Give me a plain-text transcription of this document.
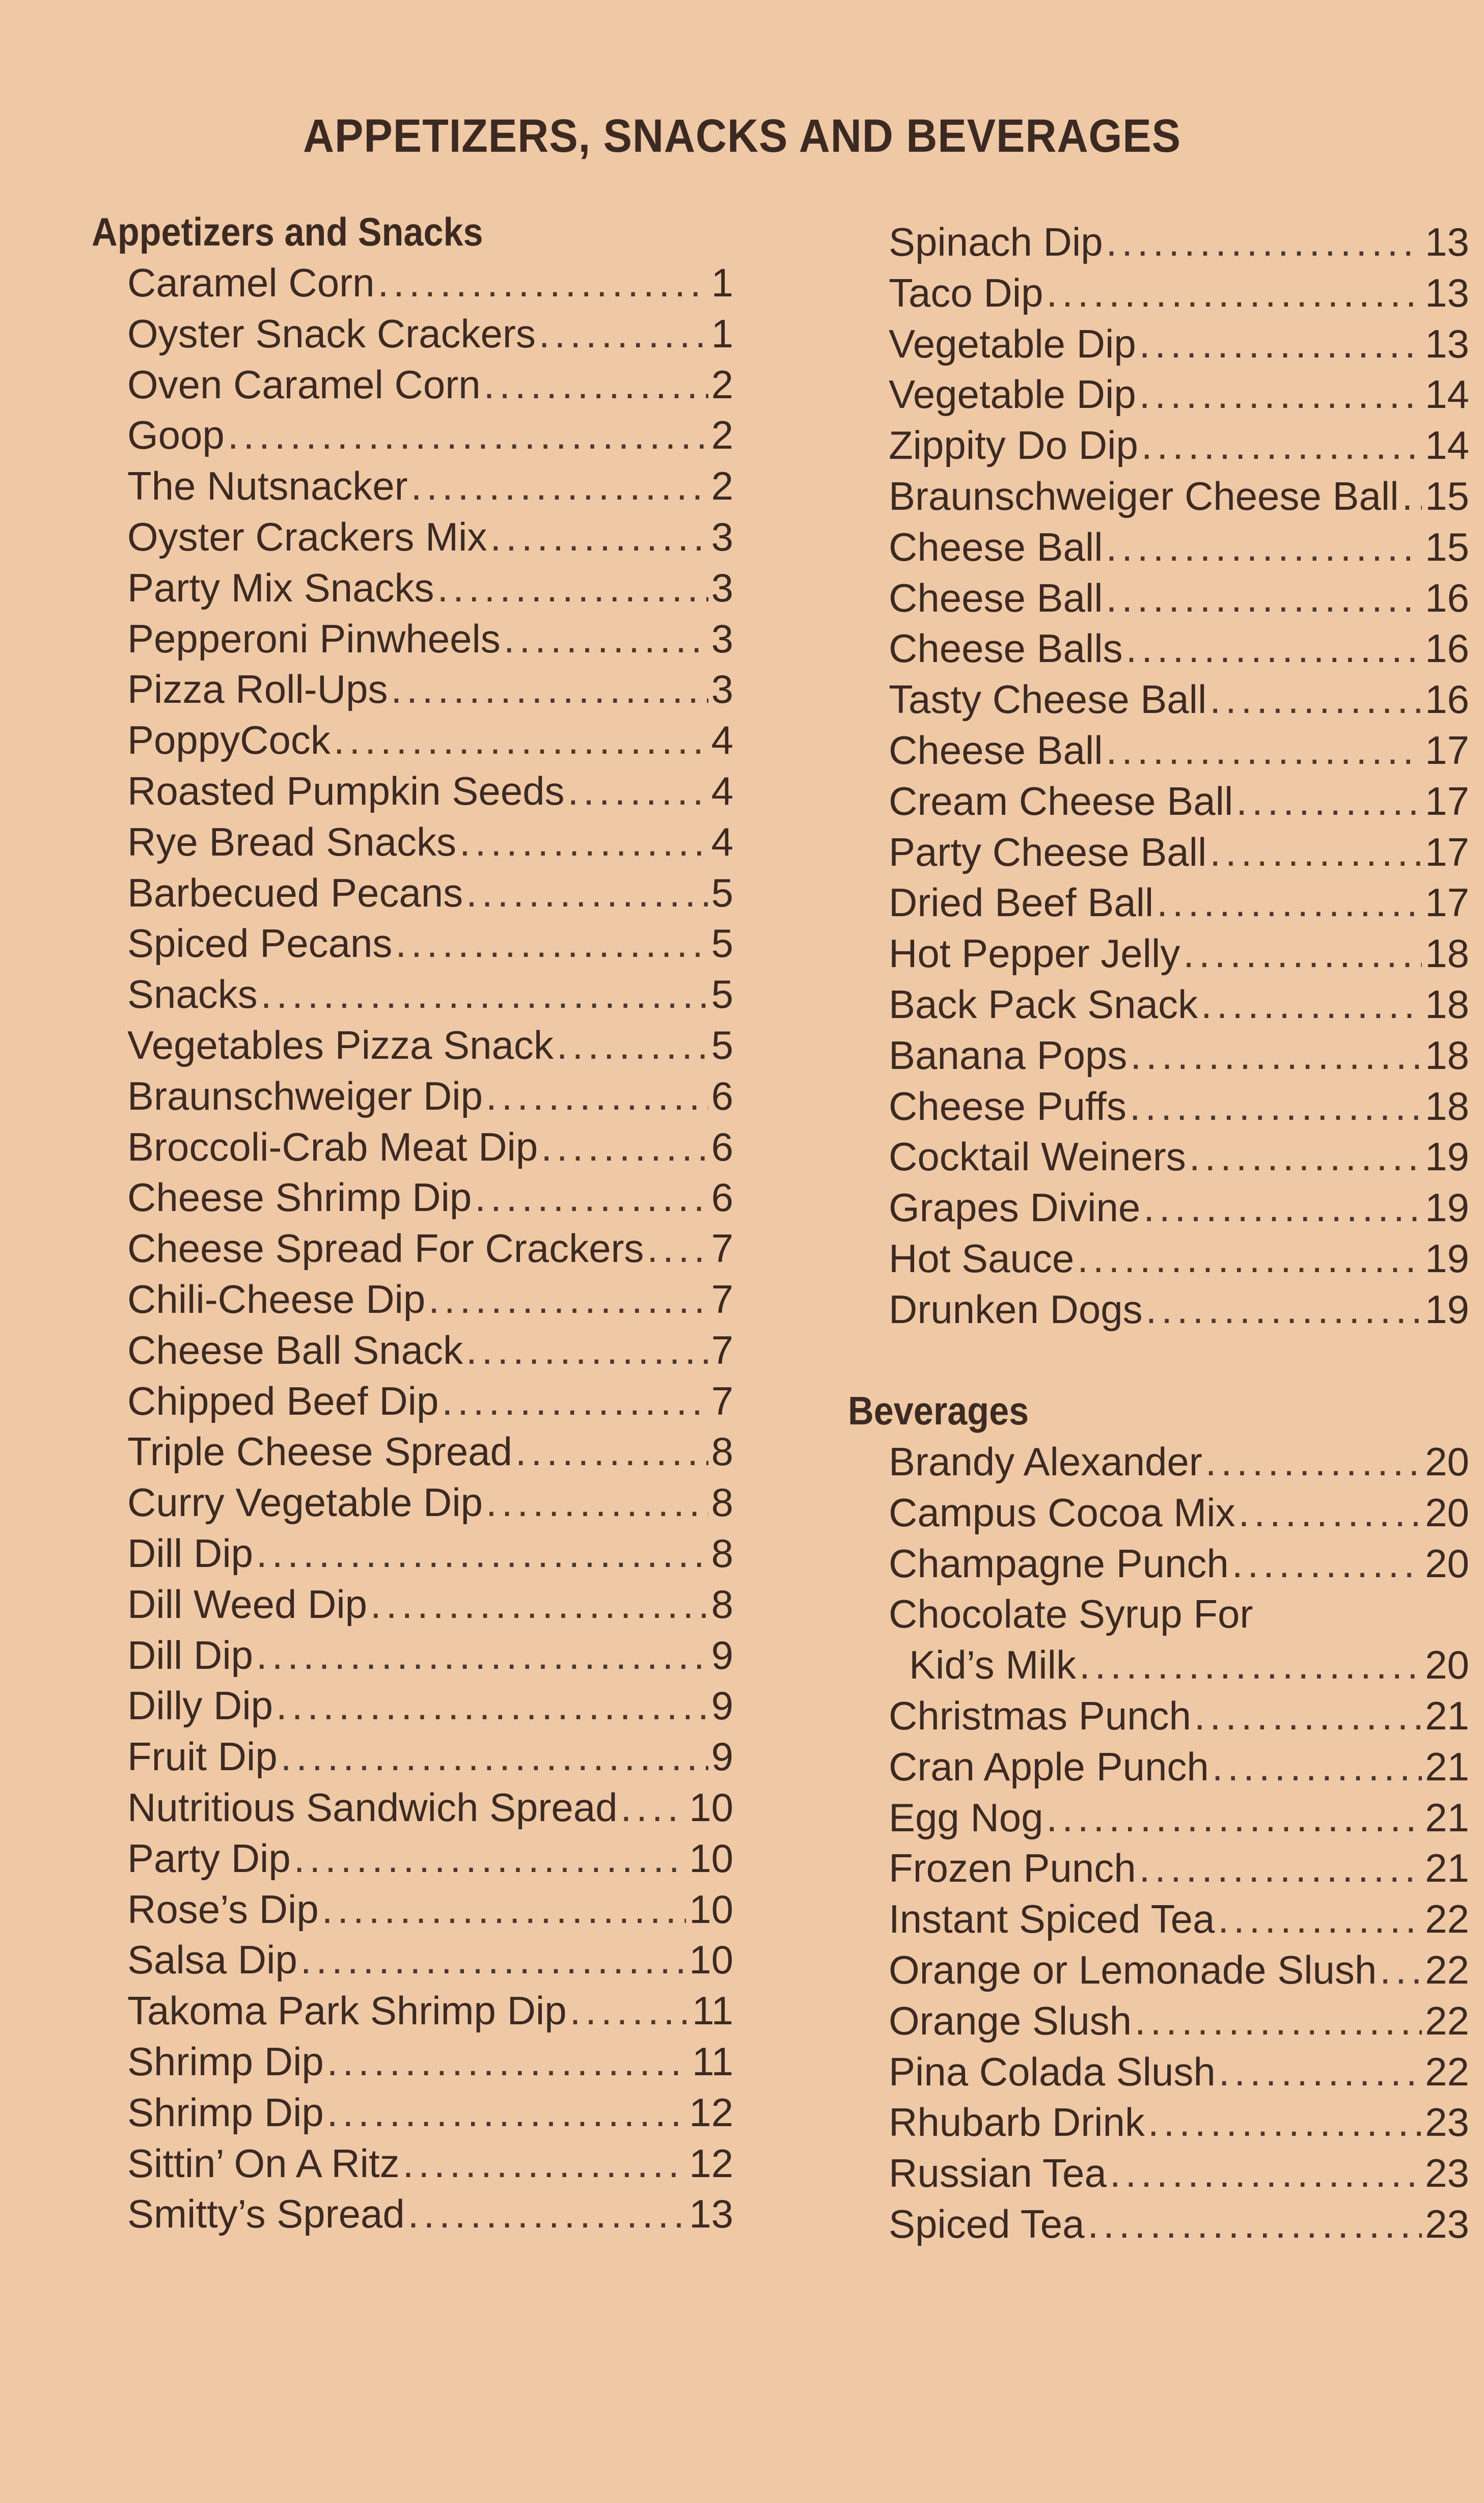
APPETIZERS, SNACKS AND BEVERAGES
Appetizers and Snacks
Caramel Corn .....	1
Oyster Snack Crackers .....	1
Oven Caramel Corn .....	2
Goop .....	2
The Nutsnacker .....	2
Oyster Crackers Mix .....	3
Party Mix Snacks .....	3
Pepperoni Pinwheels .....	3
Pizza Roll-Ups .....	3
PoppyCock .....	4
Roasted Pumpkin Seeds .....	4
Rye Bread Snacks .....	4
Barbecued Pecans .....	5
Spiced Pecans .....	5
Snacks .....	5
Vegetables Pizza Snack .....	5
Braunschweiger Dip .....	6
Broccoli-Crab Meat Dip .....	6
Cheese Shrimp Dip .....	6
Cheese Spread For Crackers ..... 7
Chili-Cheese Dip .....	7
Cheese Ball Snack .....	7
Chipped Beef Dip .....	7
Triple Cheese Spread .....	8
Curry Vegetable Dip .....	8
Dill Dip .....	8
Dill Weed Dip .....	8
Dill Dip .....	9
Dilly Dip .....	9
Fruit Dip .....	9
Nutritious Sandwich Spread ..... 10
Party Dip .....	10
Rose’s Dip .....	10
Salsa Dip .....	10
Takoma Park Shrimp Dip .....	11
Shrimp Dip .....	11
Shrimp Dip .....	12
Sittin’ On A Ritz .....	12
Smitty’s Spread .....	13
Spinach Dip .....	13
Taco Dip .....	13
Vegetable Dip .....	13
Vegetable Dip .....	14
Zippity Do Dip .....	14
Braunschweiger Cheese Ball ..... 15
Cheese Ball .....	15
Cheese Ball .....	16
Cheese Balls .....	16
Tasty Cheese Ball .....	16
Cheese Ball .....	17
Cream Cheese Ball .....	17
Party Cheese Ball .....	17
Dried Beef Ball .....	17
Hot Pepper Jelly .....	18
Back Pack Snack .....	18
Banana Pops .....	18
Cheese Puffs .....	18
Cocktail Weiners .....	19
Grapes Divine .....	19
Hot Sauce .....	19
Drunken Dogs .....	19
Beverages
Brandy Alexander .....	20
Campus Cocoa Mix .....	20
Champagne Punch .....	20
Chocolate Syrup For
Kid’s Milk .....	20
Christmas Punch .....	21
Cran Apple Punch .....	21
Egg Nog .....	21
Frozen Punch .....	21
Instant Spiced Tea .....	22
Orange or Lemonade Slush ..... 22
Orange Slush .....	22
Pina Colada Slush .....	22
Rhubarb Drink .....	23
Russian Tea .....	23
Spiced Tea .....	23
